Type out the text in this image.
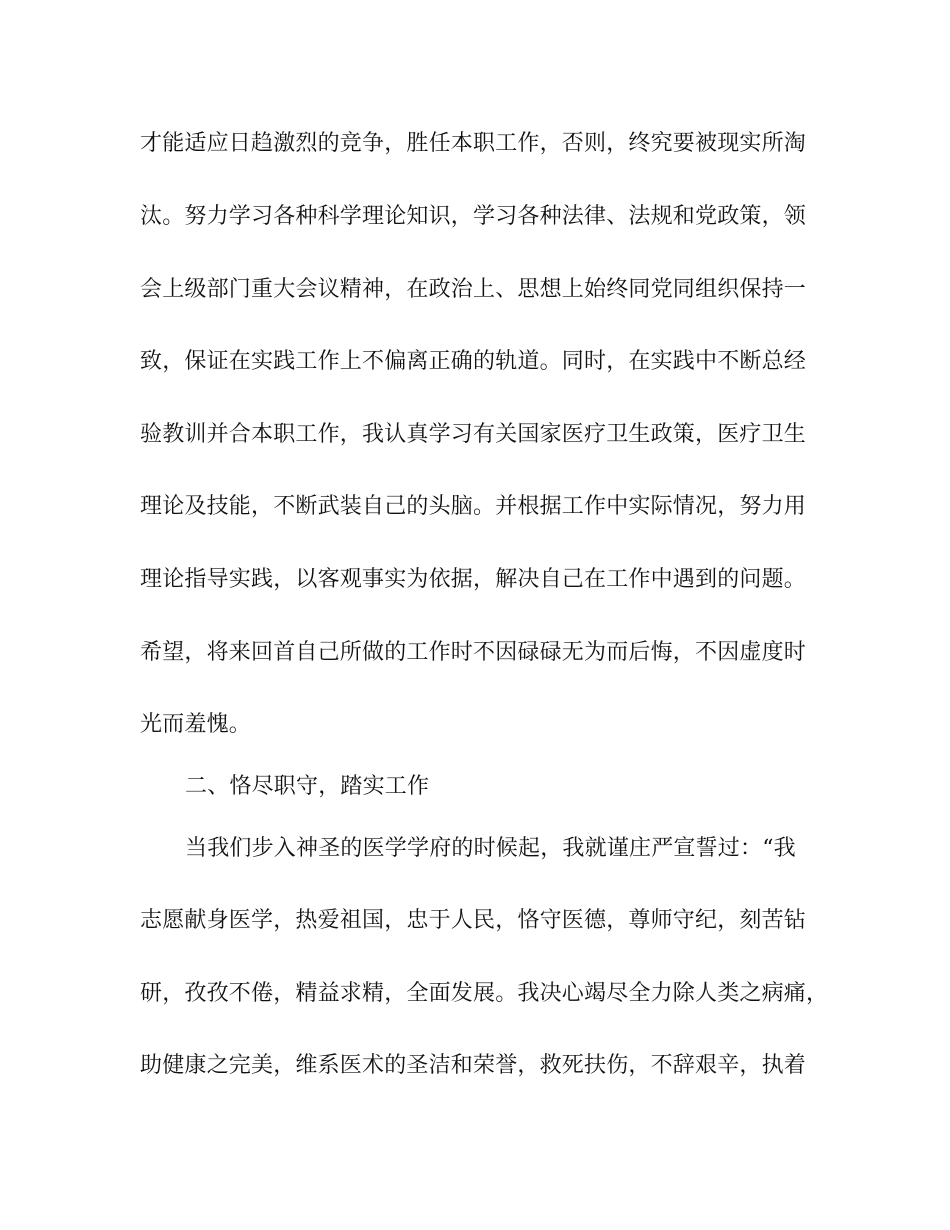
才能适应日趋激烈的竞争，胜任本职工作，否则，终究要被现实所淘
汰。努力学习各种科学理论知识，学习各种法律、法规和党政策，领
会上级部门重大会议精神，在政治上、思想上始终同党同组织保持一
致，保证在实践工作上不偏离正确的轨道。同时，在实践中不断总经
验教训并合本职工作，我认真学习有关国家医疗卫生政策，医疗卫生
理论及技能，不断武装自己的头脑。并根据工作中实际情况，努力用
理论指导实践，以客观事实为依据，解决自己在工作中遇到的问题。
希望，将来回首自己所做的工作时不因碌碌无为而后悔，不因虚度时
光而羞愧。
二、恪尽职守，踏实工作
当我们步入神圣的医学学府的时候起，我就谨庄严宣誓过：“我
志愿献身医学，热爱祖国，忠于人民，恪守医德，尊师守纪，刻苦钻
研，孜孜不倦，精益求精，全面发展。我决心竭尽全力除人类之病痛，
助健康之完美，维系医术的圣洁和荣誉，救死扶伤，不辞艰辛，执着
